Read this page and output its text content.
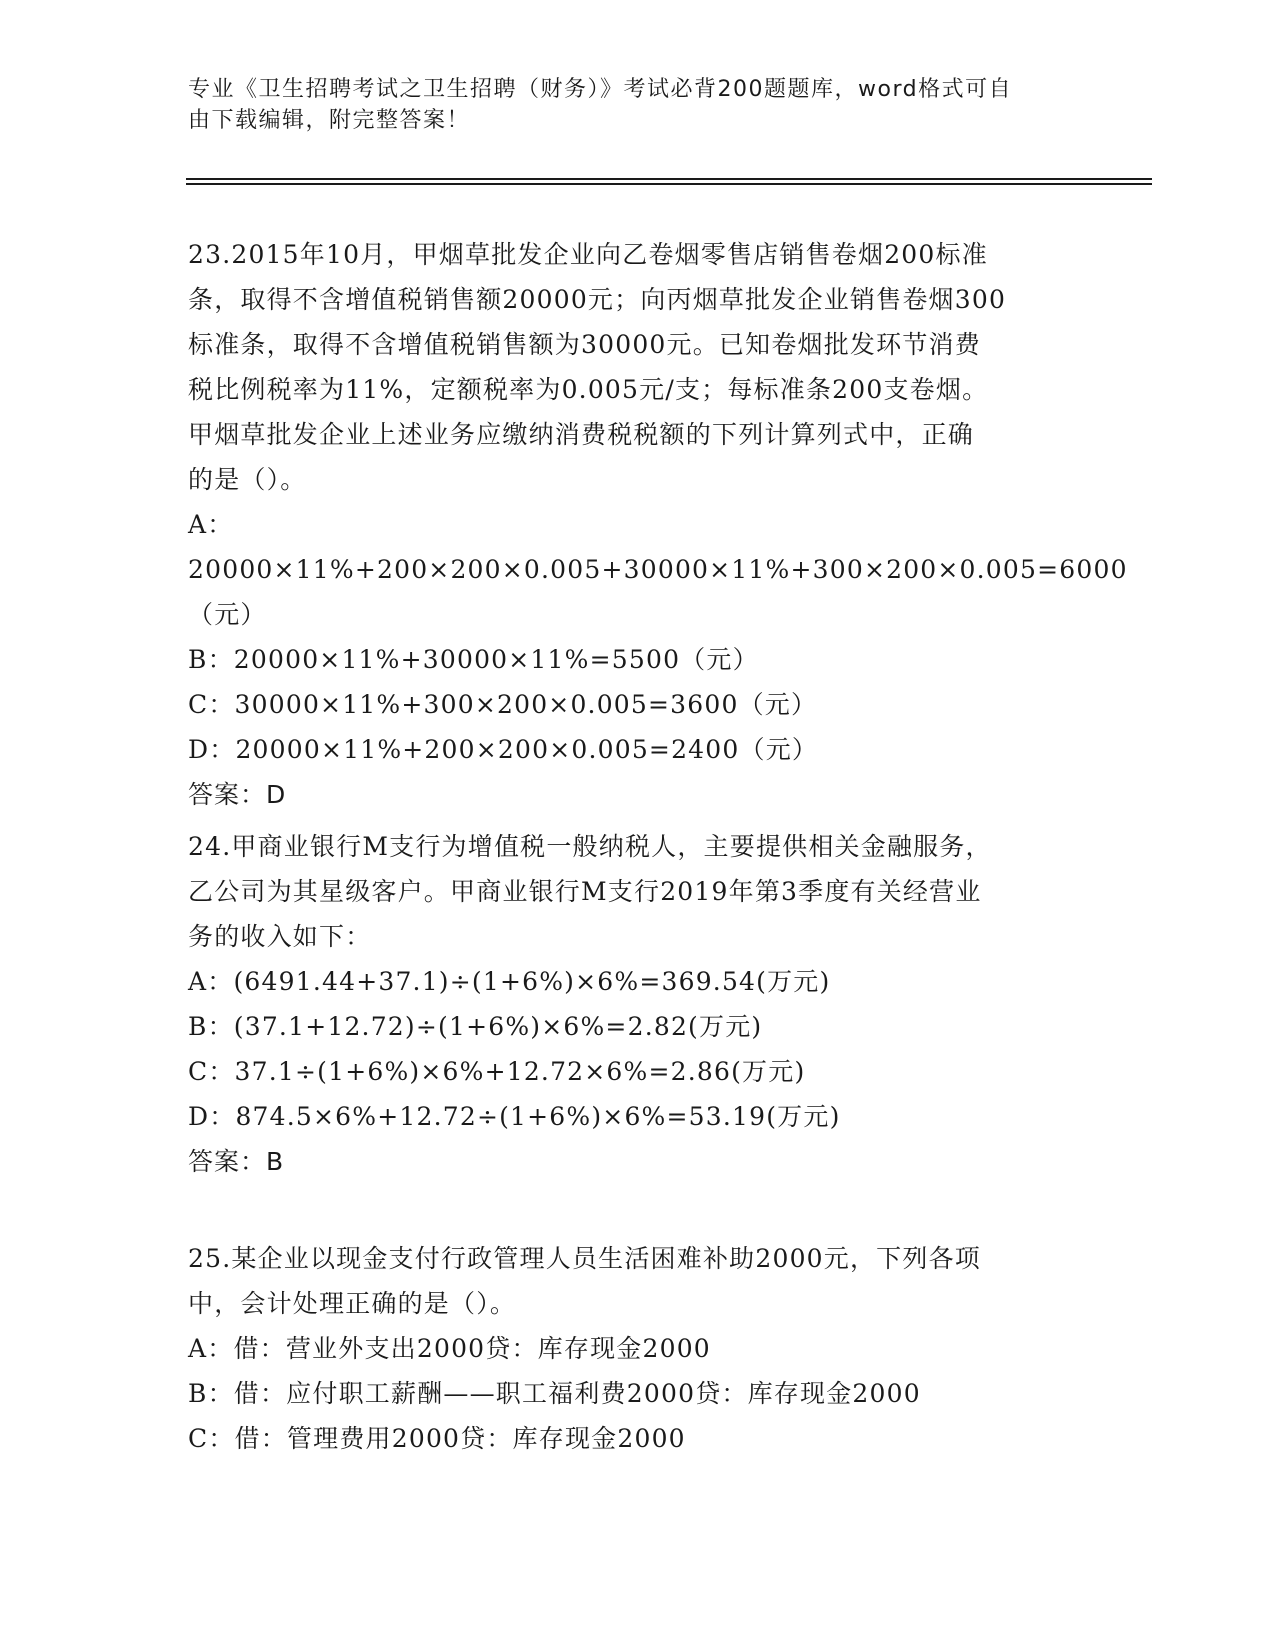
专业《卫生招聘考试之卫生招聘（财务）》考试必背200题题库，word格式可自
由下载编辑，附完整答案！

23.2015年10月，甲烟草批发企业向乙卷烟零售店销售卷烟200标准

条，取得不含增值税销售额20000元；向丙烟草批发企业销售卷烟300

标准条，取得不含增值税销售额为30000元。已知卷烟批发环节消费

税比例税率为11%，定额税率为0.005元/支；每标准条200支卷烟。

甲烟草批发企业上述业务应缴纳消费税税额的下列计算列式中，正确

的是（）。

A：20000×11%+200×200×0.005+30000×11%+300×200×0.005=6000

（元）

B：20000×11%+30000×11%=5500（元）

C：30000×11%+300×200×0.005=3600（元）

D：20000×11%+200×200×0.005=2400（元）

答案：D

24.甲商业银行M支行为增值税一般纳税人，主要提供相关金融服务，

乙公司为其星级客户。甲商业银行M支行2019年第3季度有关经营业

务的收入如下：

A：(6491.44+37.1)÷(1+6%)×6%=369.54(万元)

B：(37.1+12.72)÷(1+6%)×6%=2.82(万元)

C：37.1÷(1+6%)×6%+12.72×6%=2.86(万元)

D：874.5×6%+12.72÷(1+6%)×6%=53.19(万元)

答案：B

25.某企业以现金支付行政管理人员生活困难补助2000元，下列各项

中，会计处理正确的是（）。

A：借：营业外支出2000贷：库存现金2000

B：借：应付职工薪酬——职工福利费2000贷：库存现金2000

C：借：管理费用2000贷：库存现金2000
